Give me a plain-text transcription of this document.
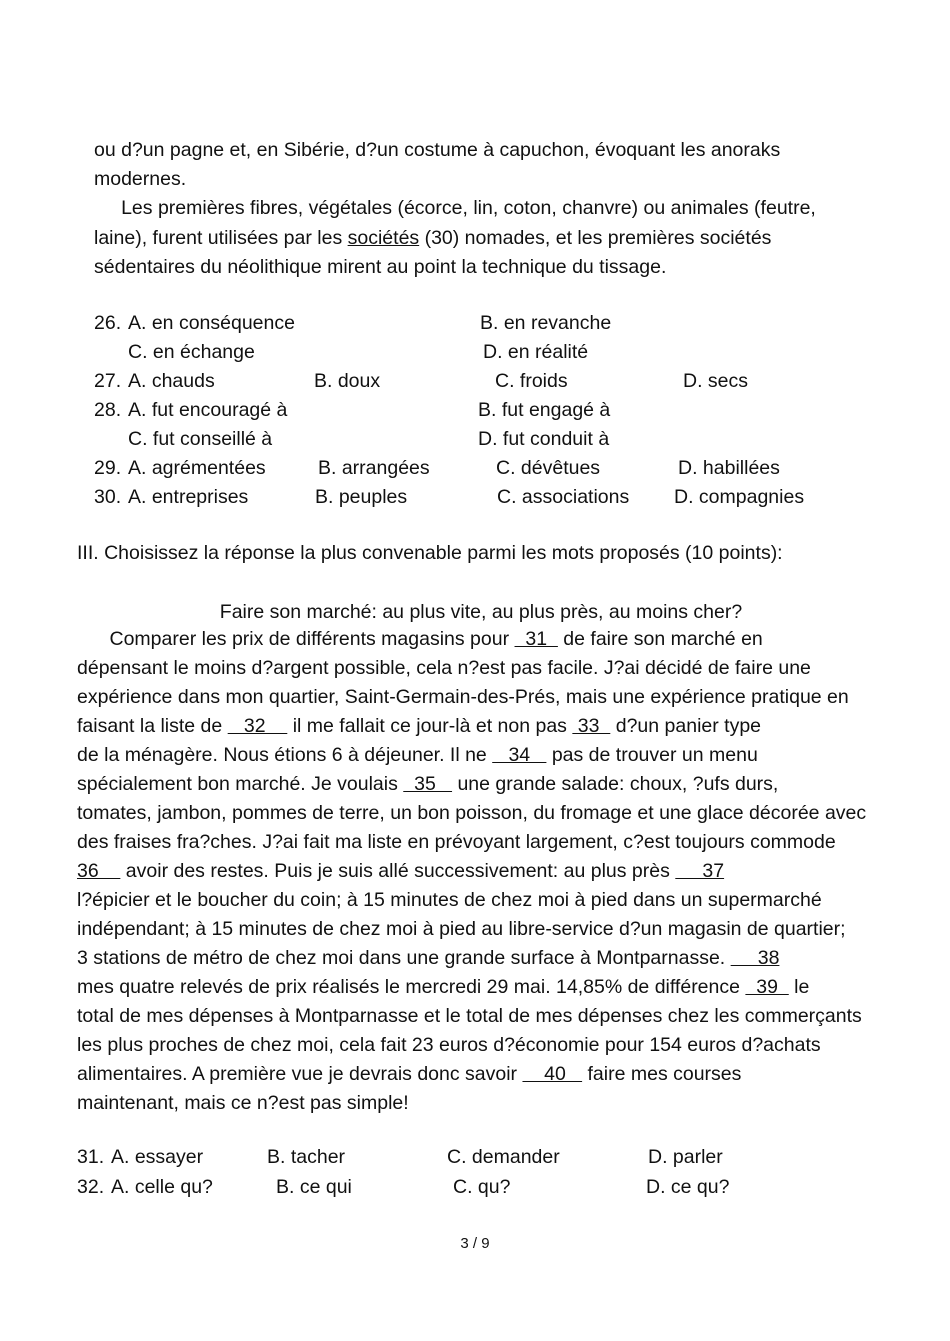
ou d?un pagne et, en Sibérie, d?un costume à capuchon, évoquant les anoraks
modernes.
Les premières fibres, végétales (écorce, lin, coton, chanvre) ou animales (feutre,
laine), furent utilisées par les sociétés (30) nomades, et les premières sociétés
sédentaires du néolithique mirent au point la technique du tissage.
26. A. en conséquence	B. en revanche
C. en échange	D. en réalité
27. A. chauds	B. doux	C. froids	D. secs
28. A. fut encouragé à	B. fut engagé à
C. fut conseillé à	D. fut conduit à
29. A. agrémentées	B. arrangées	C. dévêtues	D. habillées
30. A. entreprises	B. peuples	C. associations D. compagnies
III. Choisissez la réponse la plus convenable parmi les mots proposés (10 points):
Faire son marché: au plus vite, au plus près, au moins cher?
Comparer les prix de différents magasins pour   31   de faire son marché en
dépensant le moins d?argent possible, cela n?est pas facile. J?ai décidé de faire une
expérience dans mon quartier, Saint-Germain-des-Prés, mais une expérience pratique en
faisant la liste de    32     il me fallait ce jour-là et non pas  33   d?un panier type
de la ménagère. Nous étions 6 à déjeuner. Il ne    34    pas de trouver un menu
spécialement bon marché. Je voulais   35    une grande salade: choux, ?ufs durs,
tomates, jambon, pommes de terre, un bon poisson, du fromage et une glace décorée avec
des fraises fra?ches. J?ai fait ma liste en prévoyant largement, c?est toujours commode
36     avoir des restes. Puis je suis allé successivement: au plus près      37
l?épicier et le boucher du coin; à 15 minutes de chez moi à pied dans un supermarché
indépendant; à 15 minutes de chez moi à pied au libre-service d?un magasin de quartier;
3 stations de métro de chez moi dans une grande surface à Montparnasse.      38
mes quatre relevés de prix réalisés le mercredi 29 mai. 14,85% de différence   39   le
total de mes dépenses à Montparnasse et le total de mes dépenses chez les commerçants
les plus proches de chez moi, cela fait 23 euros d?économie pour 154 euros d?achats
alimentaires. A première vue je devrais donc savoir     40    faire mes courses
maintenant, mais ce n?est pas simple!
31. A. essayer	B. tacher	C. demander	D. parler
32. A. celle qu?	B. ce qui	C. qu?	D. ce qu?
3 / 9
